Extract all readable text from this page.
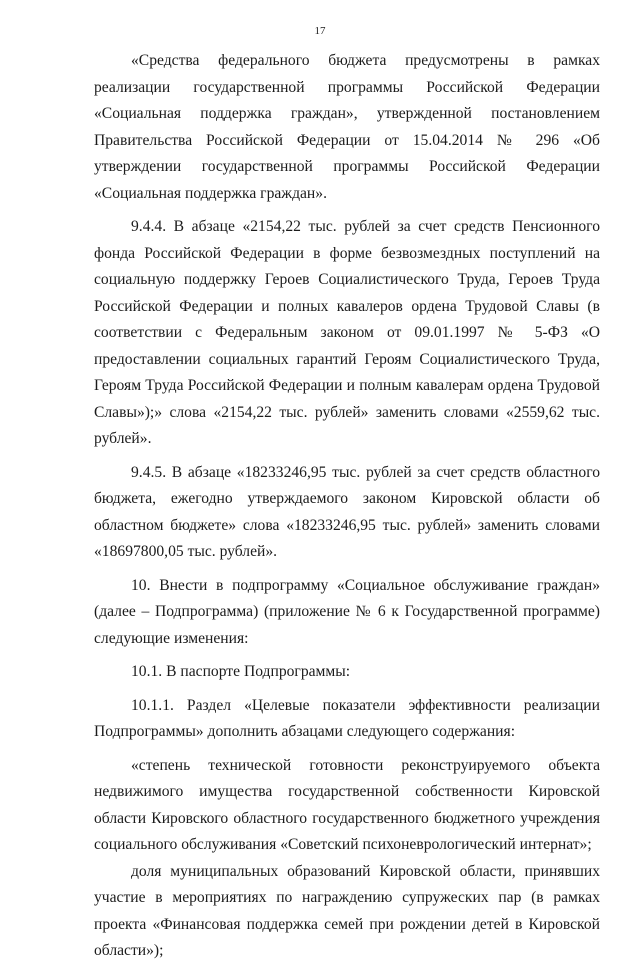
17

«Средства федерального бюджета предусмотрены в рамках реализации государственной программы Российской Федерации «Социальная поддержка граждан», утвержденной постановлением Правительства Российской Федерации от 15.04.2014 № 296 «Об утверждении государственной программы Российской Федерации «Социальная поддержка граждан».

9.4.4. В абзаце «2154,22 тыс. рублей за счет средств Пенсионного фонда Российской Федерации в форме безвозмездных поступлений на социальную поддержку Героев Социалистического Труда, Героев Труда Российской Федерации и полных кавалеров ордена Трудовой Славы (в соответствии с Федеральным законом от 09.01.1997 № 5-ФЗ «О предоставлении социальных гарантий Героям Социалистического Труда, Героям Труда Российской Федерации и полным кавалерам ордена Трудовой Славы»);» слова «2154,22 тыс. рублей» заменить словами «2559,62 тыс. рублей».

9.4.5. В абзаце «18233246,95 тыс. рублей за счет средств областного бюджета, ежегодно утверждаемого законом Кировской области об областном бюджете» слова «18233246,95 тыс. рублей» заменить словами «18697800,05 тыс. рублей».

10. Внести в подпрограмму «Социальное обслуживание граждан» (далее – Подпрограмма) (приложение № 6 к Государственной программе) следующие изменения:

10.1. В паспорте Подпрограммы:

10.1.1. Раздел «Целевые показатели эффективности реализации Подпрограммы» дополнить абзацами следующего содержания:

«степень технической готовности реконструируемого объекта недвижимого имущества государственной собственности Кировской области Кировского областного государственного бюджетного учреждения социального обслуживания «Советский психоневрологический интернат»;

доля муниципальных образований Кировской области, принявших участие в мероприятиях по награждению супружеских пар (в рамках проекта «Финансовая поддержка семей при рождении детей в Кировской области»);
